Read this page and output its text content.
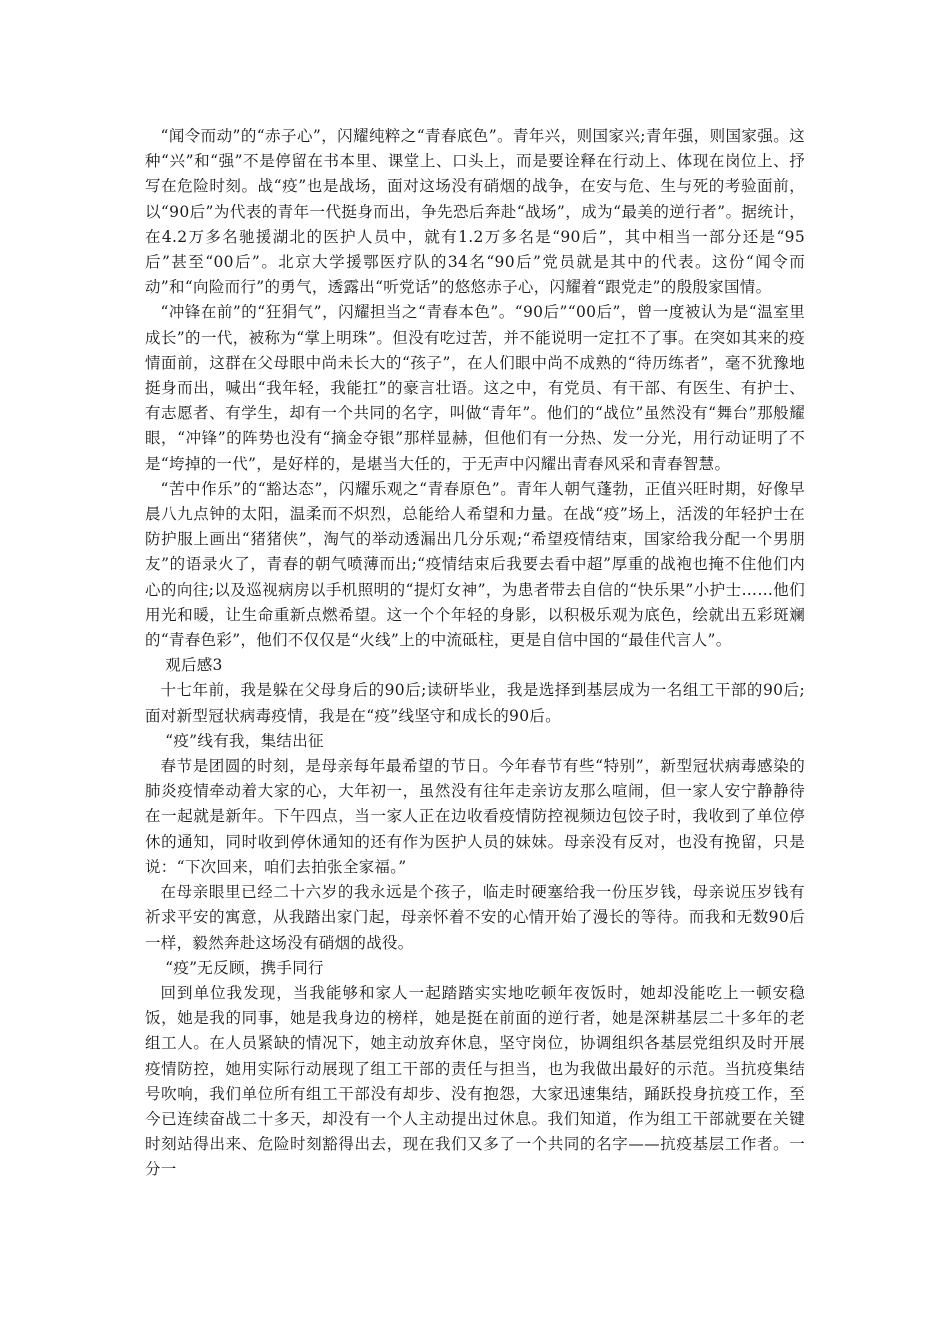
“闻令而动”的“赤子心”，闪耀纯粹之“青春底色”。青年兴，则国家兴;青年强，则国家强。这种“兴”和“强”不是停留在书本里、课堂上、口头上，而是要诠释在行动上、体现在岗位上、抒写在危险时刻。战“疫”也是战场，面对这场没有硝烟的战争，在安与危、生与死的考验面前，以“90后”为代表的青年一代挺身而出，争先恐后奔赴“战场”，成为“最美的逆行者”。据统计，在4.2万多名驰援湖北的医护人员中，就有1.2万多名是“90后”，其中相当一部分还是“95后”甚至“00后”。北京大学援鄂医疗队的34名“90后”党员就是其中的代表。这份“闻令而动”和“向险而行”的勇气，透露出“听党话”的悠悠赤子心，闪耀着“跟党走”的殷殷家国情。

“冲锋在前”的“狂狷气”，闪耀担当之“青春本色”。“90后”“00后”，曾一度被认为是“温室里成长”的一代，被称为“掌上明珠”。但没有吃过苦，并不能说明一定扛不了事。在突如其来的疫情面前，这群在父母眼中尚未长大的“孩子”，在人们眼中尚不成熟的“待历练者”，毫不犹豫地挺身而出，喊出“我年轻，我能扛”的豪言壮语。这之中，有党员、有干部、有医生、有护士、有志愿者、有学生，却有一个共同的名字，叫做“青年”。他们的“战位”虽然没有“舞台”那般耀眼，“冲锋”的阵势也没有“摘金夺银”那样显赫，但他们有一分热、发一分光，用行动证明了不是“垮掉的一代”，是好样的，是堪当大任的，于无声中闪耀出青春风采和青春智慧。

“苦中作乐”的“豁达态”，闪耀乐观之“青春原色”。青年人朝气蓬勃，正值兴旺时期，好像早晨八九点钟的太阳，温柔而不炽烈，总能给人希望和力量。在战“疫”场上，活泼的年轻护士在防护服上画出“猪猪侠”，淘气的举动透漏出几分乐观;“希望疫情结束，国家给我分配一个男朋友”的语录火了，青春的朝气喷薄而出;“疫情结束后我要去看中超”厚重的战袍也掩不住他们内心的向往;以及巡视病房以手机照明的“提灯女神”，为患者带去自信的“快乐果”小护士……他们用光和暖，让生命重新点燃希望。这一个个年轻的身影，以积极乐观为底色，绘就出五彩斑斓的“青春色彩”，他们不仅仅是“火线”上的中流砥柱，更是自信中国的“最佳代言人”。

观后感3

十七年前，我是躲在父母身后的90后;读研毕业，我是选择到基层成为一名组工干部的90后;面对新型冠状病毒疫情，我是在“疫”线坚守和成长的90后。

“疫”线有我，集结出征

春节是团圆的时刻，是母亲每年最希望的节日。今年春节有些“特别”，新型冠状病毒感染的肺炎疫情牵动着大家的心，大年初一，虽然没有往年走亲访友那么喧闹，但一家人安宁静静待在一起就是新年。下午四点，当一家人正在边收看疫情防控视频边包饺子时，我收到了单位停休的通知，同时收到停休通知的还有作为医护人员的妹妹。母亲没有反对，也没有挽留，只是说：“下次回来，咱们去拍张全家福。”

在母亲眼里已经二十六岁的我永远是个孩子，临走时硬塞给我一份压岁钱，母亲说压岁钱有祈求平安的寓意，从我踏出家门起，母亲怀着不安的心情开始了漫长的等待。而我和无数90后一样，毅然奔赴这场没有硝烟的战役。

“疫”无反顾，携手同行

回到单位我发现，当我能够和家人一起踏踏实实地吃顿年夜饭时，她却没能吃上一顿安稳饭，她是我的同事，她是我身边的榜样，她是挺在前面的逆行者，她是深耕基层二十多年的老组工人。在人员紧缺的情况下，她主动放弃休息，坚守岗位，协调组织各基层党组织及时开展疫情防控，她用实际行动展现了组工干部的责任与担当，也为我做出最好的示范。当抗疫集结号吹响，我们单位所有组工干部没有却步、没有抱怨，大家迅速集结，踊跃投身抗疫工作，至今已连续奋战二十多天，却没有一个人主动提出过休息。我们知道，作为组工干部就要在关键时刻站得出来、危险时刻豁得出去，现在我们又多了一个共同的名字——抗疫基层工作者。一分一
